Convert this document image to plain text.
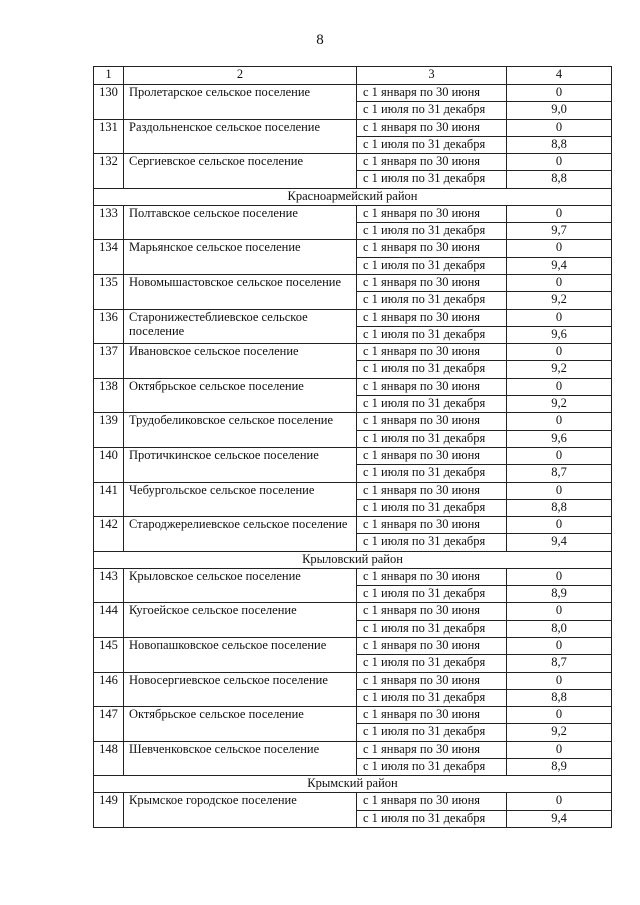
8
1	2	3	4
130	Пролетарское сельское поселение	с 1 января по 30 июня	0
		с 1 июля по 31 декабря	9,0
131	Раздольненское сельское поселение	с 1 января по 30 июня	0
		с 1 июля по 31 декабря	8,8
132	Сергиевское сельское поселение	с 1 января по 30 июня	0
		с 1 июля по 31 декабря	8,8
Красноармейский район			
133	Полтавское сельское поселение	с 1 января по 30 июня	0
		с 1 июля по 31 декабря	9,7
134	Марьянское сельское поселение	с 1 января по 30 июня	0
		с 1 июля по 31 декабря	9,4
135	Новомышастовское сельское поселение	с 1 января по 30 июня	0
		с 1 июля по 31 декабря	9,2
136	Старонижестеблиевское сельское поселение	с 1 января по 30 июня	0
		с 1 июля по 31 декабря	9,6
137	Ивановское сельское поселение	с 1 января по 30 июня	0
		с 1 июля по 31 декабря	9,2
138	Октябрьское сельское поселение	с 1 января по 30 июня	0
		с 1 июля по 31 декабря	9,2
139	Трудобеликовское сельское поселение	с 1 января по 30 июня	0
		с 1 июля по 31 декабря	9,6
140	Протичкинское сельское поселение	с 1 января по 30 июня	0
		с 1 июля по 31 декабря	8,7
141	Чебургольское сельское поселение	с 1 января по 30 июня	0
		с 1 июля по 31 декабря	8,8
142	Староджерелиевское сельское поселение	с 1 января по 30 июня	0
		с 1 июля по 31 декабря	9,4
Крыловский район			
143	Крыловское сельское поселение	с 1 января по 30 июня	0
		с 1 июля по 31 декабря	8,9
144	Кугоейское сельское поселение	с 1 января по 30 июня	0
		с 1 июля по 31 декабря	8,0
145	Новопашковское сельское поселение	с 1 января по 30 июня	0
		с 1 июля по 31 декабря	8,7
146	Новосергиевское сельское поселение	с 1 января по 30 июня	0
		с 1 июля по 31 декабря	8,8
147	Октябрьское сельское поселение	с 1 января по 30 июня	0
		с 1 июля по 31 декабря	9,2
148	Шевченковское сельское поселение	с 1 января по 30 июня	0
		с 1 июля по 31 декабря	8,9
Крымский район			
149	Крымское городское поселение	с 1 января по 30 июня	0
		с 1 июля по 31 декабря	9,4
